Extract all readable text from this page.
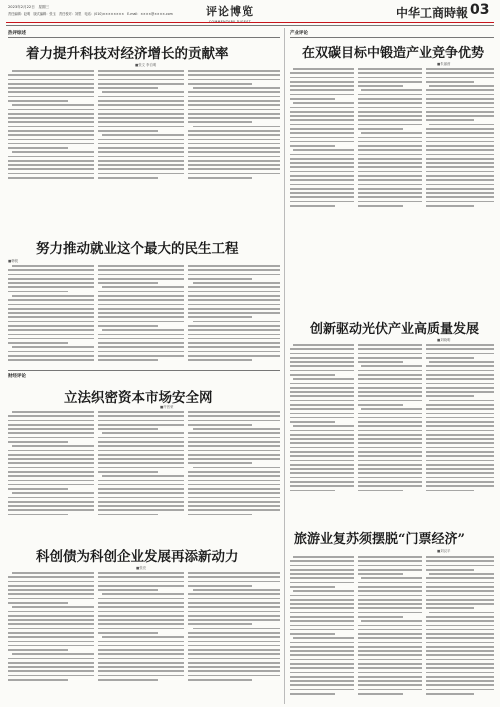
2023年2月22日　星期三
责任编辑：赵明　版式编辑：张玉　责任校对：刘思　电话：(010)××××××××　E-mail：××××@××××.com	评论博览	中华工商時報 03
热评综述
着力提升科技对经济增长的贡献率
■张文 李自明
努力推动就业这个最大的民生工程
■韩锐
财经评论
立法织密资本市场安全网
■许晋荣
科创债为科创企业发展再添新动力
■张亮
产业评论
在双碳目标中锻造产业竞争优势
■朱丽茵
创新驱动光伏产业高质量发展
■刘晓明
旅游业复苏须摆脱“门票经济”
■刘汉平
